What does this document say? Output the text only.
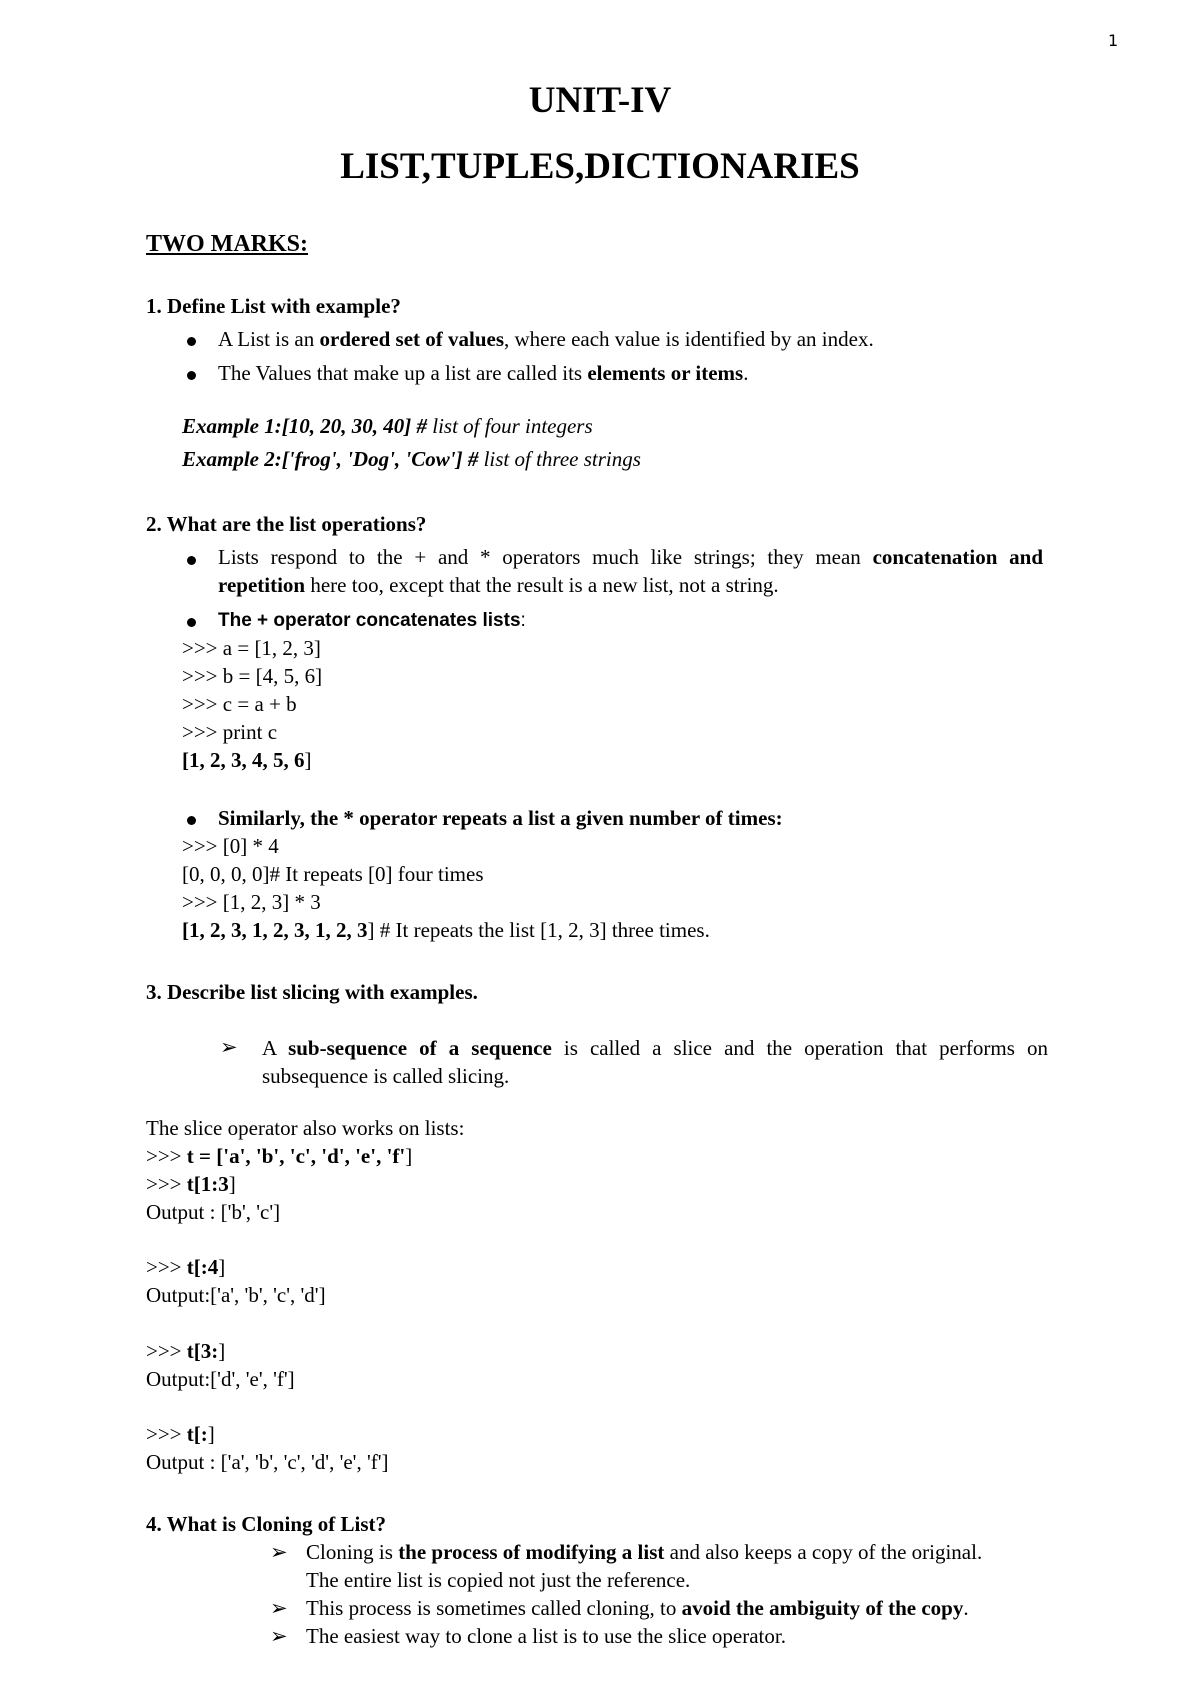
1
UNIT-IV
LIST,TUPLES,DICTIONARIES
TWO MARKS:
1. Define List with example?
A List is an ordered set of values, where each value is identified by an index.
The Values that make up a list are called its elements or items.
Example 1:[10, 20, 30, 40] # list of four integers
Example 2:['frog', 'Dog', 'Cow'] # list of three strings
2. What are the list operations?
Lists respond to the + and * operators much like strings; they mean concatenation and repetition here too, except that the result is a new list, not a string.
The + operator concatenates lists:
>>> a = [1, 2, 3]
>>> b = [4, 5, 6]
>>> c = a + b
>>> print c
[1, 2, 3, 4, 5, 6]
Similarly, the * operator repeats a list a given number of times:
>>> [0] * 4
[0, 0, 0, 0]# It repeats [0] four times
>>> [1, 2, 3] * 3
[1, 2, 3, 1, 2, 3, 1, 2, 3] # It repeats the list [1, 2, 3] three times.
3. Describe list slicing with examples.
➢ A sub-sequence of a sequence is called a slice and the operation that performs on subsequence is called slicing.
The slice operator also works on lists:
>>> t = ['a', 'b', 'c', 'd', 'e', 'f']
>>> t[1:3]
Output : ['b', 'c']
>>> t[:4]
Output:['a', 'b', 'c', 'd']
>>> t[3:]
Output:['d', 'e', 'f']
>>> t[:]
Output : ['a', 'b', 'c', 'd', 'e', 'f']
4. What is Cloning of List?
➢ Cloning is the process of modifying a list and also keeps a copy of the original.
The entire list is copied not just the reference.
➢ This process is sometimes called cloning, to avoid the ambiguity of the copy.
➢ The easiest way to clone a list is to use the slice operator.
